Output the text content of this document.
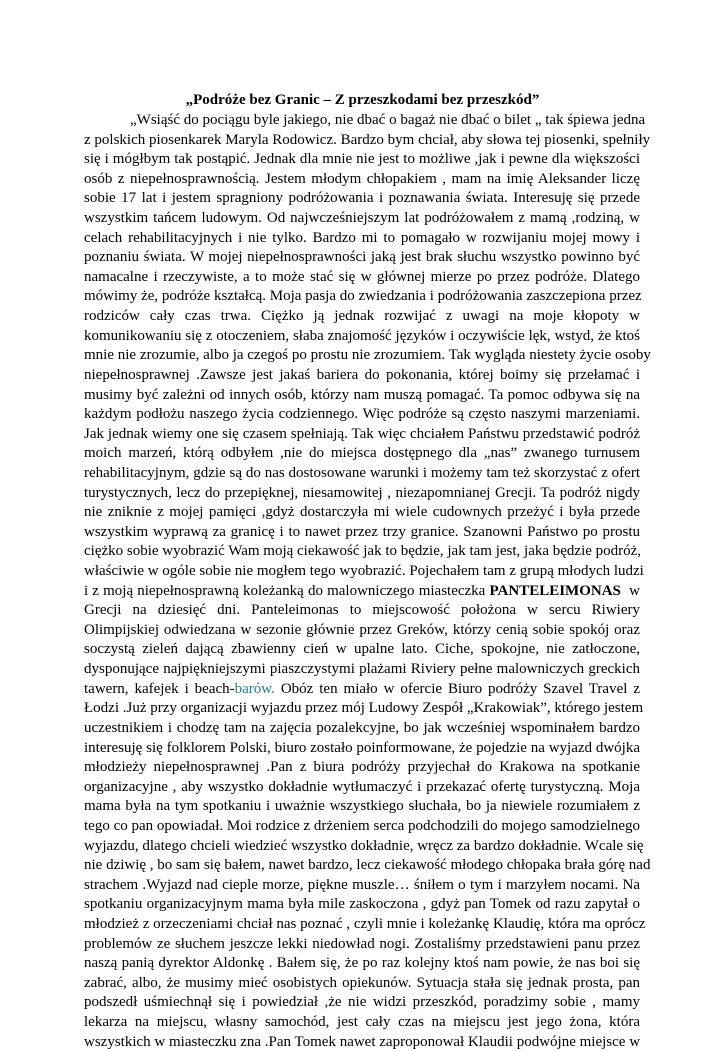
„Podróże bez Granic – Z przeszkodami bez przeszkód”
„Wsiąść do pociągu byle jakiego, nie dbać o bagaż nie dbać o bilet „ tak śpiewa jedna
z polskich piosenkarek Maryla Rodowicz. Bardzo bym chciał, aby słowa tej piosenki, spełniły
się i mógłbym tak postąpić. Jednak dla mnie nie jest to możliwe ,jak i pewne dla większości
osób z niepełnosprawnością. Jestem młodym chłopakiem , mam na imię Aleksander liczę
sobie 17 lat i jestem spragniony podróżowania i poznawania świata. Interesuję się przede
wszystkim tańcem ludowym. Od najwcześniejszym lat podróżowałem z mamą ,rodziną, w
celach rehabilitacyjnych i nie tylko. Bardzo mi to pomagało w rozwijaniu mojej mowy i
poznaniu świata. W mojej niepełnosprawności jaką jest brak słuchu wszystko powinno być
namacalne i rzeczywiste, a to może stać się w głównej mierze po przez podróże. Dlatego
mówimy że, podróże kształcą. Moja pasja do zwiedzania i podróżowania zaszczepiona przez
rodziców cały czas trwa. Ciężko ją jednak rozwijać z uwagi na moje kłopoty w
komunikowaniu się z otoczeniem, słaba znajomość języków i oczywiście lęk, wstyd, że ktoś
mnie nie zrozumie, albo ja czegoś po prostu nie zrozumiem. Tak wygląda niestety życie osoby
niepełnosprawnej .Zawsze jest jakaś bariera do pokonania, której boimy się przełamać i
musimy być zależni od innych osób, którzy nam muszą pomagać. Ta pomoc odbywa się na
każdym podłożu naszego życia codziennego. Więc podróże są często naszymi marzeniami.
Jak jednak wiemy one się czasem spełniają. Tak więc chciałem Państwu przedstawić podróż
moich marzeń, którą odbyłem ,nie do miejsca dostępnego dla „nas” zwanego turnusem
rehabilitacyjnym, gdzie są do nas dostosowane warunki i możemy tam też skorzystać z ofert
turystycznych, lecz do przepięknej, niesamowitej , niezapomnianej Grecji. Ta podróż nigdy
nie zniknie z mojej pamięci ,gdyż dostarczyła mi wiele cudownych przeżyć i była przede
wszystkim wyprawą za granicę i to nawet przez trzy granice. Szanowni Państwo po prostu
ciężko sobie wyobrazić Wam moją ciekawość jak to będzie, jak tam jest, jaka będzie podróż,
właściwie w ogóle sobie nie mogłem tego wyobrazić. Pojechałem tam z grupą młodych ludzi
i z moją niepełnosprawną koleżanką do malowniczego miasteczka PANTELEIMONAS  w
Grecji na dziesięć dni. Panteleimonas to miejscowość położona w sercu Riwiery
Olimpijskiej odwiedzana w sezonie głównie przez Greków, którzy cenią sobie spokój oraz
soczystą zieleń dającą zbawienny cień w upalne lato. Ciche, spokojne, nie zatłoczone,
dysponujące najpiękniejszymi piaszczystymi plażami Riviery pełne malowniczych greckich
tawern, kafejek i beach-barów. Obóz ten miało w ofercie Biuro podróży Szavel Travel z
Łodzi .Już przy organizacji wyjazdu przez mój Ludowy Zespół „Krakowiak”, którego jestem
uczestnikiem i chodzę tam na zajęcia pozalekcyjne, bo jak wcześniej wspominałem bardzo
interesuję się folklorem Polski, biuro zostało poinformowane, że pojedzie na wyjazd dwójka
młodzieży niepełnosprawnej .Pan z biura podróży przyjechał do Krakowa na spotkanie
organizacyjne , aby wszystko dokładnie wytłumaczyć i przekazać ofertę turystyczną. Moja
mama była na tym spotkaniu i uważnie wszystkiego słuchała, bo ja niewiele rozumiałem z
tego co pan opowiadał. Moi rodzice z drżeniem serca podchodzili do mojego samodzielnego
wyjazdu, dlatego chcieli wiedzieć wszystko dokładnie, wręcz za bardzo dokładnie. Wcale się
nie dziwię , bo sam się bałem, nawet bardzo, lecz ciekawość młodego chłopaka brała górę nad
strachem .Wyjazd nad cieple morze, piękne muszle… śniłem o tym i marzyłem nocami. Na
spotkaniu organizacyjnym mama była mile zaskoczona , gdyż pan Tomek od razu zapytał o
młodzież z orzeczeniami chciał nas poznać , czyli mnie i koleżankę Klaudię, która ma oprócz
problemów ze słuchem jeszcze lekki niedowład nogi. Zostaliśmy przedstawieni panu przez
naszą panią dyrektor Aldonkę . Bałem się, że po raz kolejny ktoś nam powie, że nas boi się
zabrać, albo, że musimy mieć osobistych opiekunów. Sytuacja stała się jednak prosta, pan
podszedł uśmiechnął się i powiedział ,że nie widzi przeszkód, poradzimy sobie , mamy
lekarza na miejscu, własny samochód, jest cały czas na miejscu jest jego żona, która
wszystkich w miasteczku zna .Pan Tomek nawet zaproponował Klaudii podwójne miejsce w
